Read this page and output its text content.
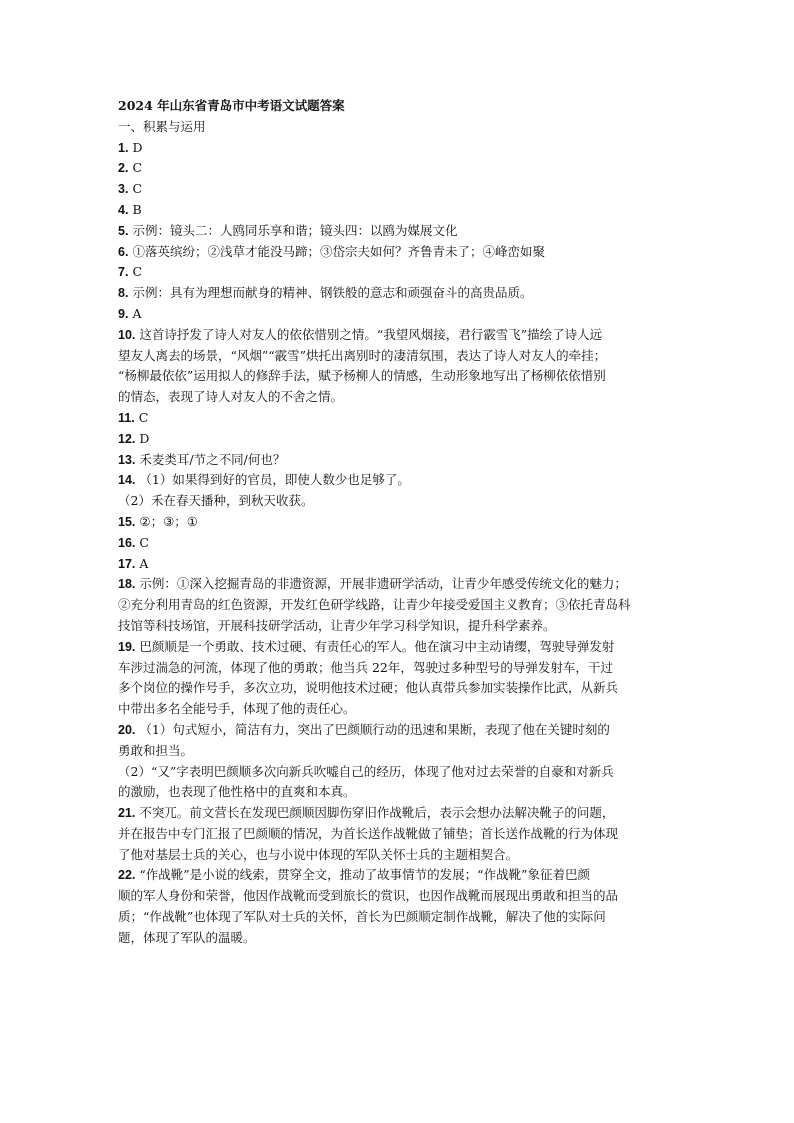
2024 年山东省青岛市中考语文试题答案
一、积累与运用
1. D
2. C
3. C
4. B
5. 示例：镜头二：人鸥同乐享和谐；镜头四：以鸥为媒展文化
6. ①落英缤纷；②浅草才能没马蹄；③岱宗夫如何？齐鲁青未了；④峰峦如聚
7. C
8. 示例：具有为理想而献身的精神、钢铁般的意志和顽强奋斗的高贵品质。
9. A
10. 这首诗抒发了诗人对友人的依依惜别之情。“我望风烟接，君行霰雪飞”描绘了诗人远
望友人离去的场景，“风烟”“霰雪”烘托出离别时的凄清氛围，表达了诗人对友人的牵挂；
“杨柳最依依”运用拟人的修辞手法，赋予杨柳人的情感，生动形象地写出了杨柳依依惜别
的情态，表现了诗人对友人的不舍之情。
11. C
12. D
13. 禾麦类耳/节之不同/何也？
14. （1）如果得到好的官员，即使人数少也足够了。
（2）禾在春天播种，到秋天收获。
15. ②；③；①
16. C
17. A
18. 示例：①深入挖掘青岛的非遗资源，开展非遗研学活动，让青少年感受传统文化的魅力；
②充分利用青岛的红色资源，开发红色研学线路，让青少年接受爱国主义教育；③依托青岛科
技馆等科技场馆，开展科技研学活动，让青少年学习科学知识，提升科学素养。
19. 巴颜顺是一个勇敢、技术过硬、有责任心的军人。他在演习中主动请缨，驾驶导弹发射
车涉过湍急的河流，体现了他的勇敢；他当兵 22年，驾驶过多种型号的导弹发射车，干过
多个岗位的操作号手，多次立功，说明他技术过硬；他认真带兵参加实装操作比武，从新兵
中带出多名全能号手，体现了他的责任心。
20. （1）句式短小，简洁有力，突出了巴颜顺行动的迅速和果断，表现了他在关键时刻的
勇敢和担当。
（2）“又”字表明巴颜顺多次向新兵吹嘘自己的经历，体现了他对过去荣誉的自豪和对新兵
的激励，也表现了他性格中的直爽和本真。
21. 不突兀。前文营长在发现巴颜顺因脚伤穿旧作战靴后，表示会想办法解决靴子的问题，
并在报告中专门汇报了巴颜顺的情况，为首长送作战靴做了铺垫；首长送作战靴的行为体现
了他对基层士兵的关心，也与小说中体现的军队关怀士兵的主题相契合。
22. “作战靴”是小说的线索，贯穿全文，推动了故事情节的发展；“作战靴”象征着巴颜
顺的军人身份和荣誉，他因作战靴而受到旅长的赏识，也因作战靴而展现出勇敢和担当的品
质；“作战靴”也体现了军队对士兵的关怀，首长为巴颜顺定制作战靴，解决了他的实际问
题，体现了军队的温暖。
